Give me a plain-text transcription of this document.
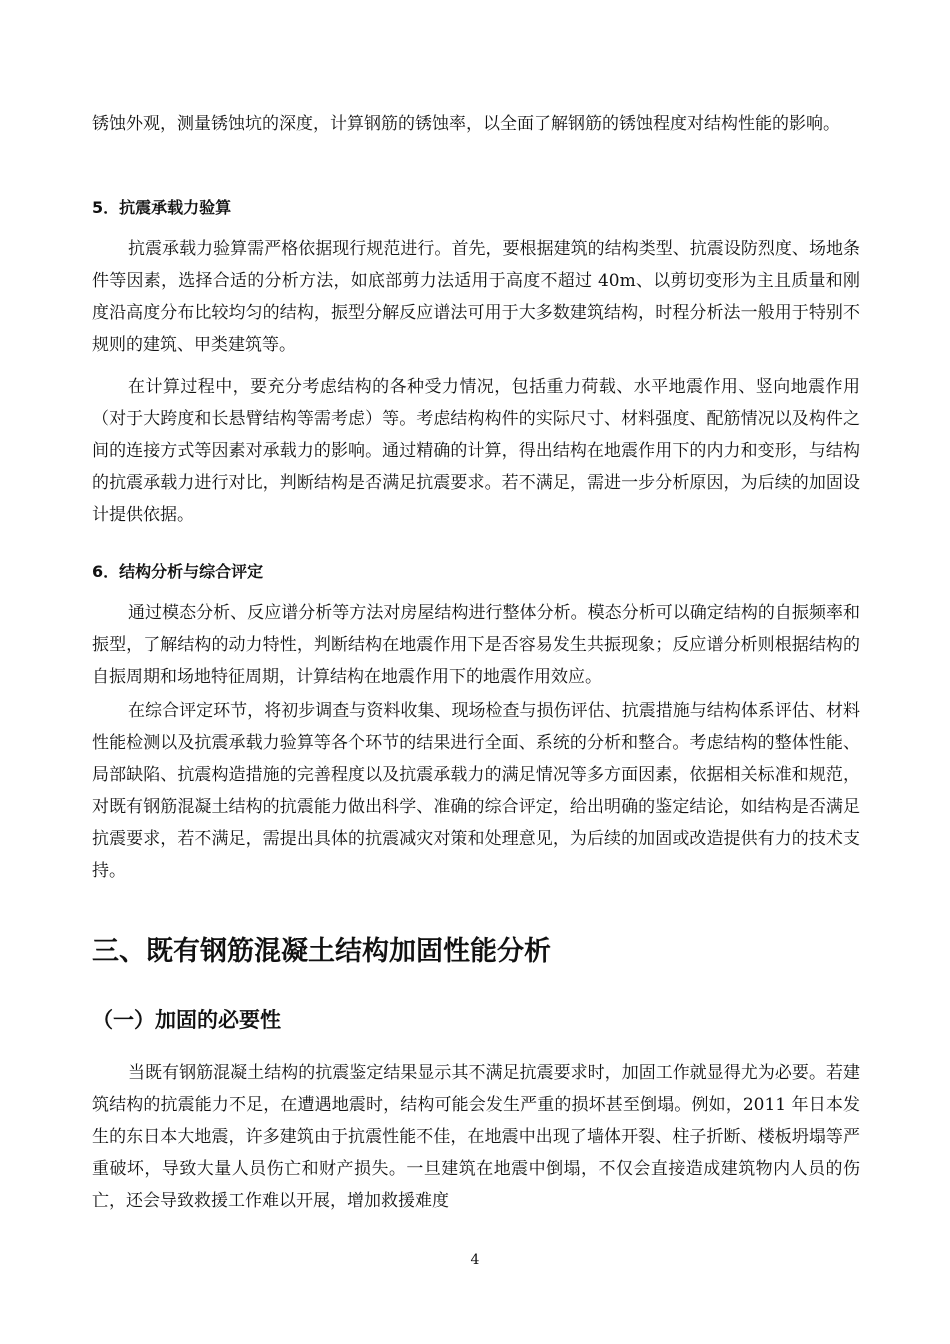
锈蚀外观，测量锈蚀坑的深度，计算钢筋的锈蚀率，以全面了解钢筋的锈蚀程度对结构性能的影响。

5．抗震承载力验算

抗震承载力验算需严格依据现行规范进行。首先，要根据建筑的结构类型、抗震设防烈度、场地条件等因素，选择合适的分析方法，如底部剪力法适用于高度不超过 40m、以剪切变形为主且质量和刚度沿高度分布比较均匀的结构，振型分解反应谱法可用于大多数建筑结构，时程分析法一般用于特别不规则的建筑、甲类建筑等。

在计算过程中，要充分考虑结构的各种受力情况，包括重力荷载、水平地震作用、竖向地震作用（对于大跨度和长悬臂结构等需考虑）等。考虑结构构件的实际尺寸、材料强度、配筋情况以及构件之间的连接方式等因素对承载力的影响。通过精确的计算，得出结构在地震作用下的内力和变形，与结构的抗震承载力进行对比，判断结构是否满足抗震要求。若不满足，需进一步分析原因，为后续的加固设计提供依据。

6．结构分析与综合评定

通过模态分析、反应谱分析等方法对房屋结构进行整体分析。模态分析可以确定结构的自振频率和振型，了解结构的动力特性，判断结构在地震作用下是否容易发生共振现象；反应谱分析则根据结构的自振周期和场地特征周期，计算结构在地震作用下的地震作用效应。

在综合评定环节，将初步调查与资料收集、现场检查与损伤评估、抗震措施与结构体系评估、材料性能检测以及抗震承载力验算等各个环节的结果进行全面、系统的分析和整合。考虑结构的整体性能、局部缺陷、抗震构造措施的完善程度以及抗震承载力的满足情况等多方面因素，依据相关标准和规范，对既有钢筋混凝土结构的抗震能力做出科学、准确的综合评定，给出明确的鉴定结论，如结构是否满足抗震要求，若不满足，需提出具体的抗震减灾对策和处理意见，为后续的加固或改造提供有力的技术支持。

三、既有钢筋混凝土结构加固性能分析
（一）加固的必要性

当既有钢筋混凝土结构的抗震鉴定结果显示其不满足抗震要求时，加固工作就显得尤为必要。若建筑结构的抗震能力不足，在遭遇地震时，结构可能会发生严重的损坏甚至倒塌。例如，2011 年日本发生的东日本大地震，许多建筑由于抗震性能不佳，在地震中出现了墙体开裂、柱子折断、楼板坍塌等严重破坏，导致大量人员伤亡和财产损失。一旦建筑在地震中倒塌，不仅会直接造成建筑物内人员的伤亡，还会导致救援工作难以开展，增加救援难度

4
